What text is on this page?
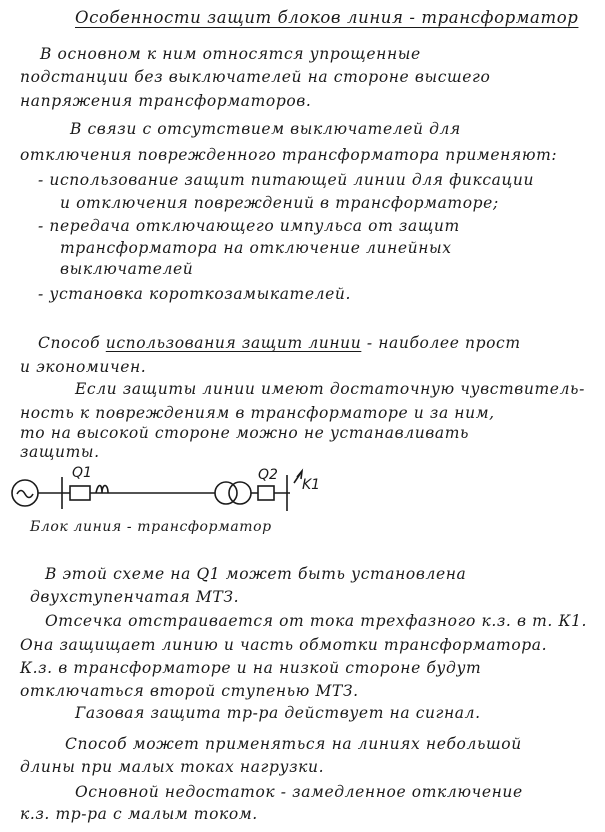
Особенности защит блоков линия - трансформатор
В основном к ним относятся упрощенные
подстанции без выключателей на стороне высшего
напряжения трансформаторов.
В связи с отсутствием выключателей для
отключения поврежденного трансформатора применяют:
- использование защит питающей линии для фиксации
и отключения повреждений в трансформаторе;
- передача отключающего импульса от защит
трансформатора на отключение линейных
выключателей
- установка короткозамыкателей.
Способ использования защит линии - наиболее прост
и экономичен.
Если защиты линии имеют достаточную чувствитель-
ность к повреждениям в трансформаторе и за ним,
то на высокой стороне можно не устанавливать
защиты.
Q1	Q2
K1
Блок линия - трансформатор
В этой схеме на Q1 может быть установлена
двухступенчатая МТЗ.
Отсечка отстраивается от тока трехфазного к.з. в т. К1.
Она защищает линию и часть обмотки трансформатора.
К.з. в трансформаторе и на низкой стороне будут
отключаться второй ступенью МТЗ.
Газовая защита тр-ра действует на сигнал.
Способ может применяться на линиях небольшой
длины при малых токах нагрузки.
Основной недостаток - замедленное отключение
к.з. тр-ра с малым током.
